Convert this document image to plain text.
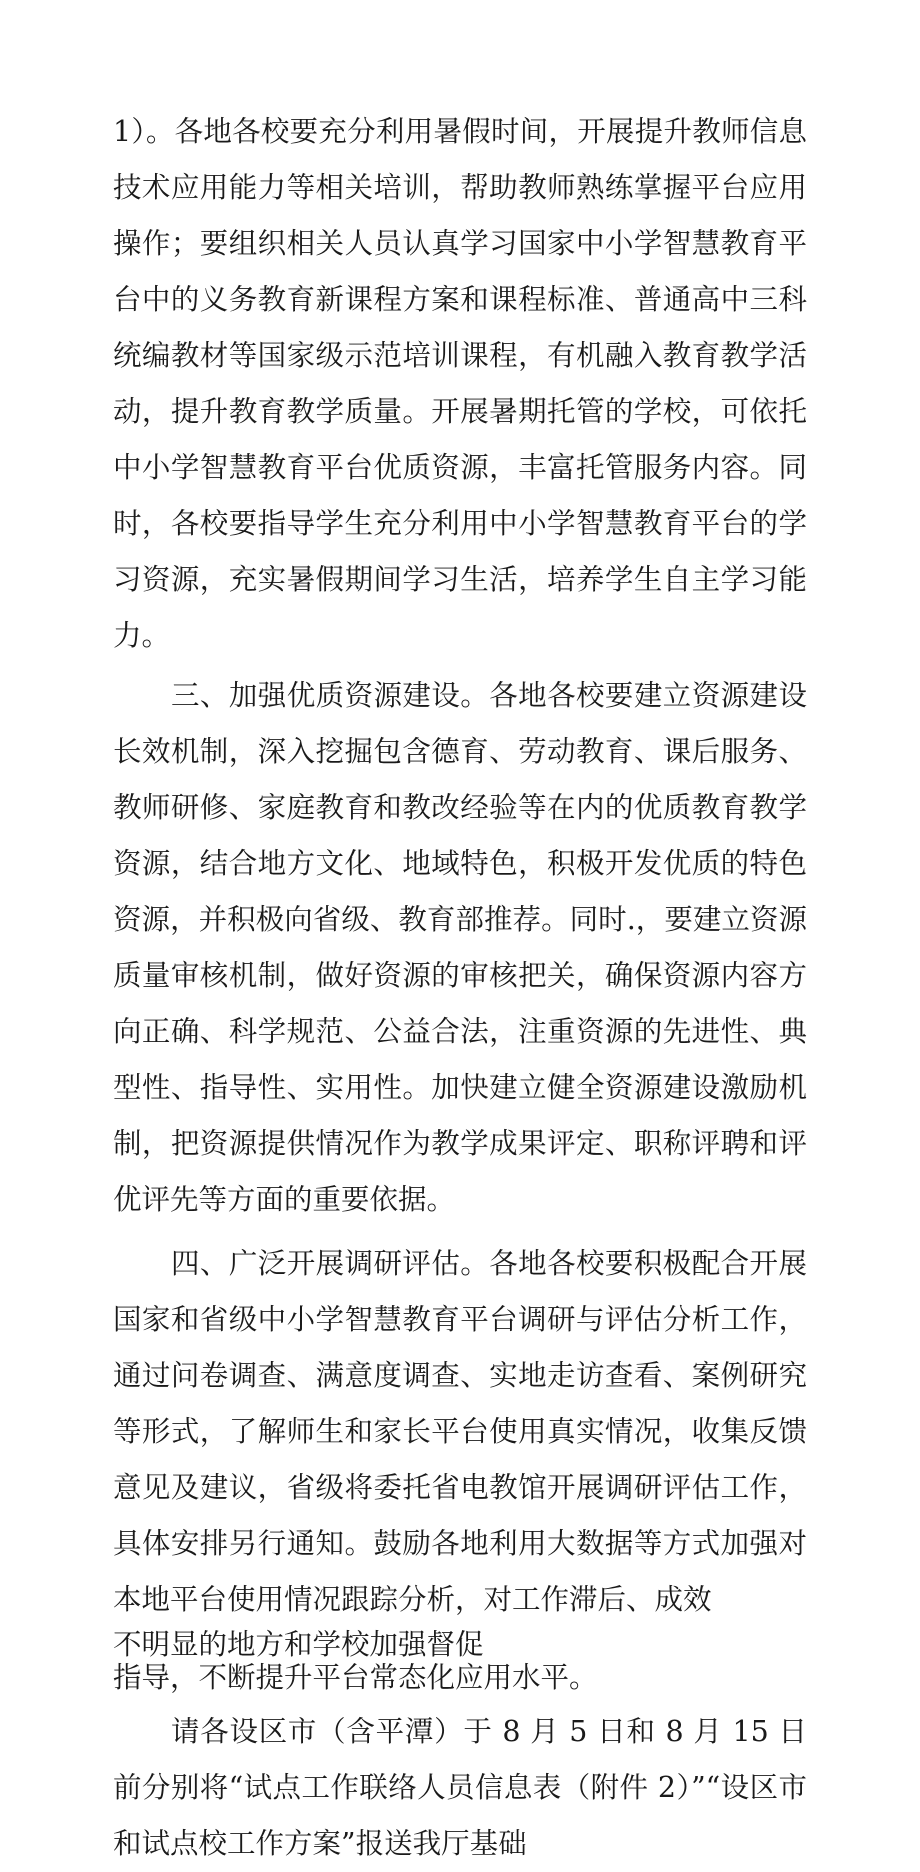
1）。各地各校要充分利用暑假时间，开展提升教师信息技术应用能力等相关培训，帮助教师熟练掌握平台应用操作；要组织相关人员认真学习国家中小学智慧教育平台中的义务教育新课程方案和课程标准、普通高中三科统编教材等国家级示范培训课程，有机融入教育教学活动，提升教育教学质量。开展暑期托管的学校，可依托中小学智慧教育平台优质资源，丰富托管服务内容。同时，各校要指导学生充分利用中小学智慧教育平台的学习资源，充实暑假期间学习生活，培养学生自主学习能力。

三、加强优质资源建设。各地各校要建立资源建设长效机制，深入挖掘包含德育、劳动教育、课后服务、教师研修、家庭教育和教改经验等在内的优质教育教学资源，结合地方文化、地域特色，积极开发优质的特色资源，并积极向省级、教育部推荐。同时.，要建立资源质量审核机制，做好资源的审核把关，确保资源内容方向正确、科学规范、公益合法，注重资源的先进性、典型性、指导性、实用性。加快建立健全资源建设激励机制，把资源提供情况作为教学成果评定、职称评聘和评优评先等方面的重要依据。

四、广泛开展调研评估。各地各校要积极配合开展国家和省级中小学智慧教育平台调研与评估分析工作，通过问卷调查、满意度调查、实地走访查看、案例研究等形式，了解师生和家长平台使用真实情况，收集反馈意见及建议，省级将委托省电教馆开展调研评估工作，具体安排另行通知。鼓励各地利用大数据等方式加强对本地平台使用情况跟踪分析，对工作滞后、成效

不明显的地方和学校加强督促

指导，不断提升平台常态化应用水平。

请各设区市（含平潭）于 8 月 5 日和 8 月 15 日前分别将“试点工作联络人员信息表（附件 2）”“设区市和试点校工作方案”报送我厅基础
